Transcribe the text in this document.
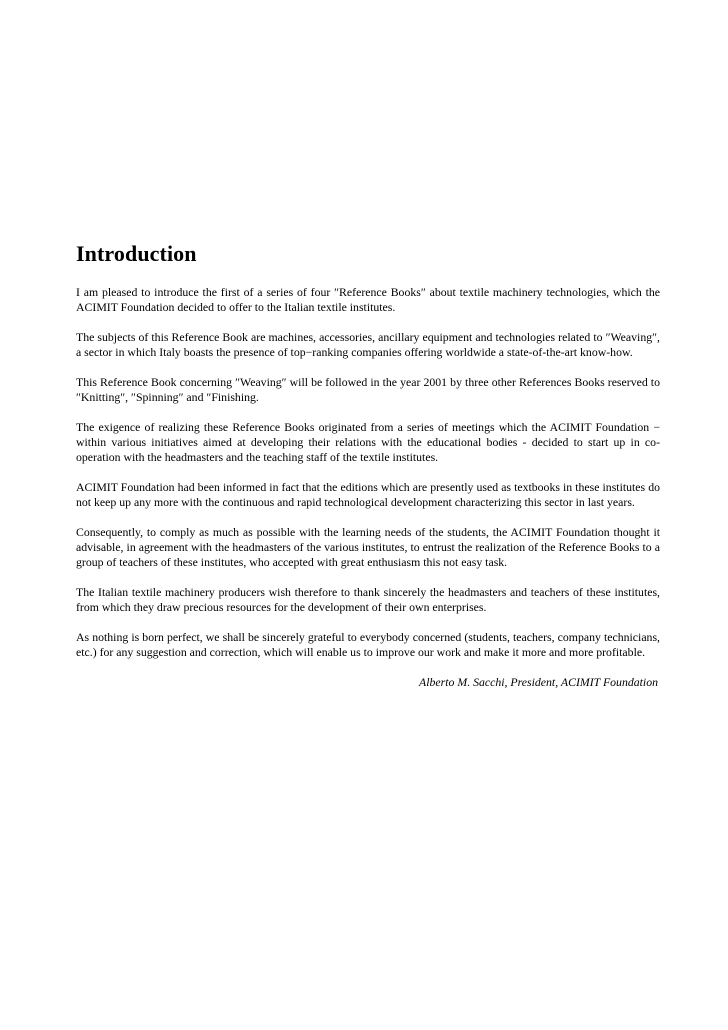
Introduction

I am pleased to introduce the first of a series of four ″Reference Books″ about textile machinery technologies, which the ACIMIT Foundation decided to offer to the Italian textile institutes.

The subjects of this Reference Book are machines, accessories, ancillary equipment and technologies related to ″Weaving″, a sector in which Italy boasts the presence of top−ranking companies offering worldwide a state-of-the-art know-how.

This Reference Book concerning ″Weaving″ will be followed in the year 2001 by three other References Books reserved to ″Knitting″, ″Spinning″ and ″Finishing.

The exigence of realizing these Reference Books originated from a series of meetings which the ACIMIT Foundation − within various initiatives aimed at developing their relations with the educational bodies - decided to start up in co-operation with the headmasters and the teaching staff of the textile institutes.

ACIMIT Foundation had been informed in fact that the editions which are presently used as textbooks in these institutes do not keep up any more with the continuous and rapid technological development characterizing this sector in last years.

Consequently, to comply as much as possible with the learning needs of the students, the ACIMIT Foundation thought it advisable, in agreement with the headmasters of the various institutes, to entrust the realization of the Reference Books to a group of teachers of these institutes, who accepted with great enthusiasm this not easy task.

The Italian textile machinery producers wish therefore to thank sincerely the headmasters and teachers of these institutes, from which they draw precious resources for the development of their own enterprises.

As nothing is born perfect, we shall be sincerely grateful to everybody concerned (students, teachers, company technicians, etc.) for any suggestion and correction, which will enable us to improve our work and make it more and more profitable.

Alberto M. Sacchi, President, ACIMIT Foundation
